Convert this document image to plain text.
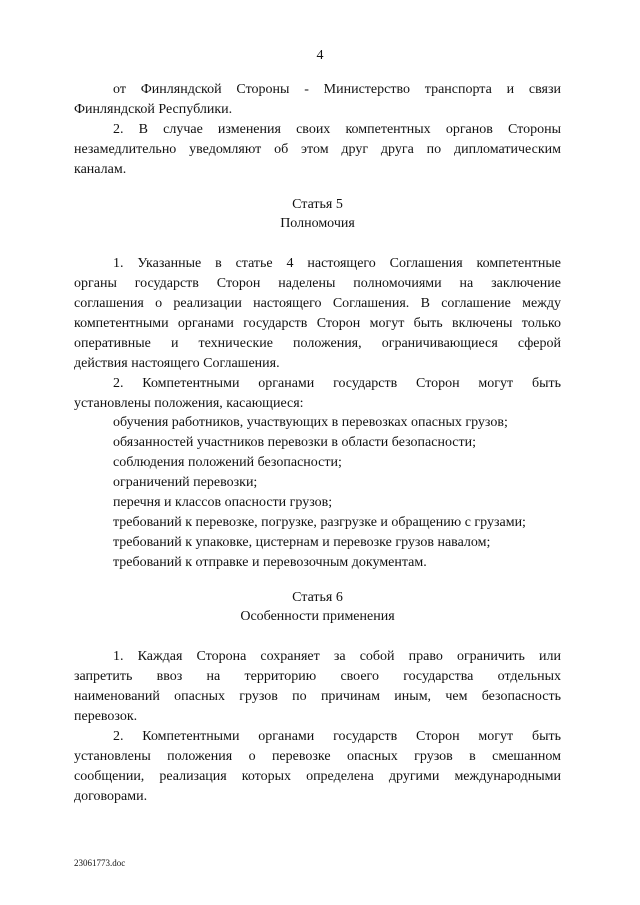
4
от Финляндской Стороны - Министерство транспорта и связи
Финляндской Республики.
2. В случае изменения своих компетентных органов Стороны
незамедлительно уведомляют об этом друг друга по дипломатическим
каналам.
Статья 5
Полномочия
1. Указанные в статье 4 настоящего Соглашения компетентные
органы государств Сторон наделены полномочиями на заключение
соглашения о реализации настоящего Соглашения. В соглашение между
компетентными органами государств Сторон могут быть включены только
оперативные и технические положения, ограничивающиеся сферой
действия настоящего Соглашения.
2. Компетентными органами государств Сторон могут быть
установлены положения, касающиеся:
обучения работников, участвующих в перевозках опасных грузов;
обязанностей участников перевозки в области безопасности;
соблюдения положений безопасности;
ограничений перевозки;
перечня и классов опасности грузов;
требований к перевозке, погрузке, разгрузке и обращению с грузами;
требований к упаковке, цистернам и перевозке грузов навалом;
требований к отправке и перевозочным документам.
Статья 6
Особенности применения
1. Каждая Сторона сохраняет за собой право ограничить или
запретить ввоз на территорию своего государства отдельных
наименований опасных грузов по причинам иным, чем безопасность
перевозок.
2. Компетентными органами государств Сторон могут быть
установлены положения о перевозке опасных грузов в смешанном
сообщении, реализация которых определена другими международными
договорами.
23061773.doc
